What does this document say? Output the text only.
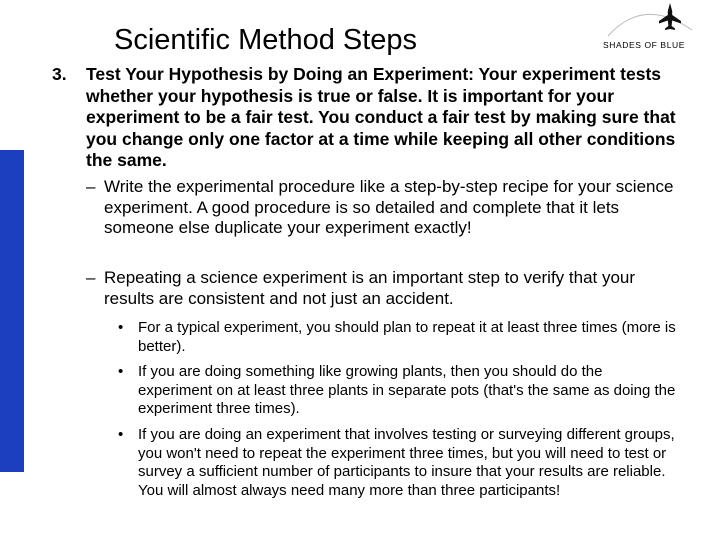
Scientific Method Steps	SHADES OF BLUE
3. Test Your Hypothesis by Doing an Experiment: Your experiment tests whether your hypothesis is true or false. It is important for your experiment to be a fair test. You conduct a fair test by making sure that you change only one factor at a time while keeping all other conditions the same.
– Write the experimental procedure like a step-by-step recipe for your science experiment. A good procedure is so detailed and complete that it lets someone else duplicate your experiment exactly!
– Repeating a science experiment is an important step to verify that your results are consistent and not just an accident.
• For a typical experiment, you should plan to repeat it at least three times (more is better).
• If you are doing something like growing plants, then you should do the experiment on at least three plants in separate pots (that's the same as doing the experiment three times).
• If you are doing an experiment that involves testing or surveying different groups, you won't need to repeat the experiment three times, but you will need to test or survey a sufficient number of participants to insure that your results are reliable. You will almost always need many more than three participants!
